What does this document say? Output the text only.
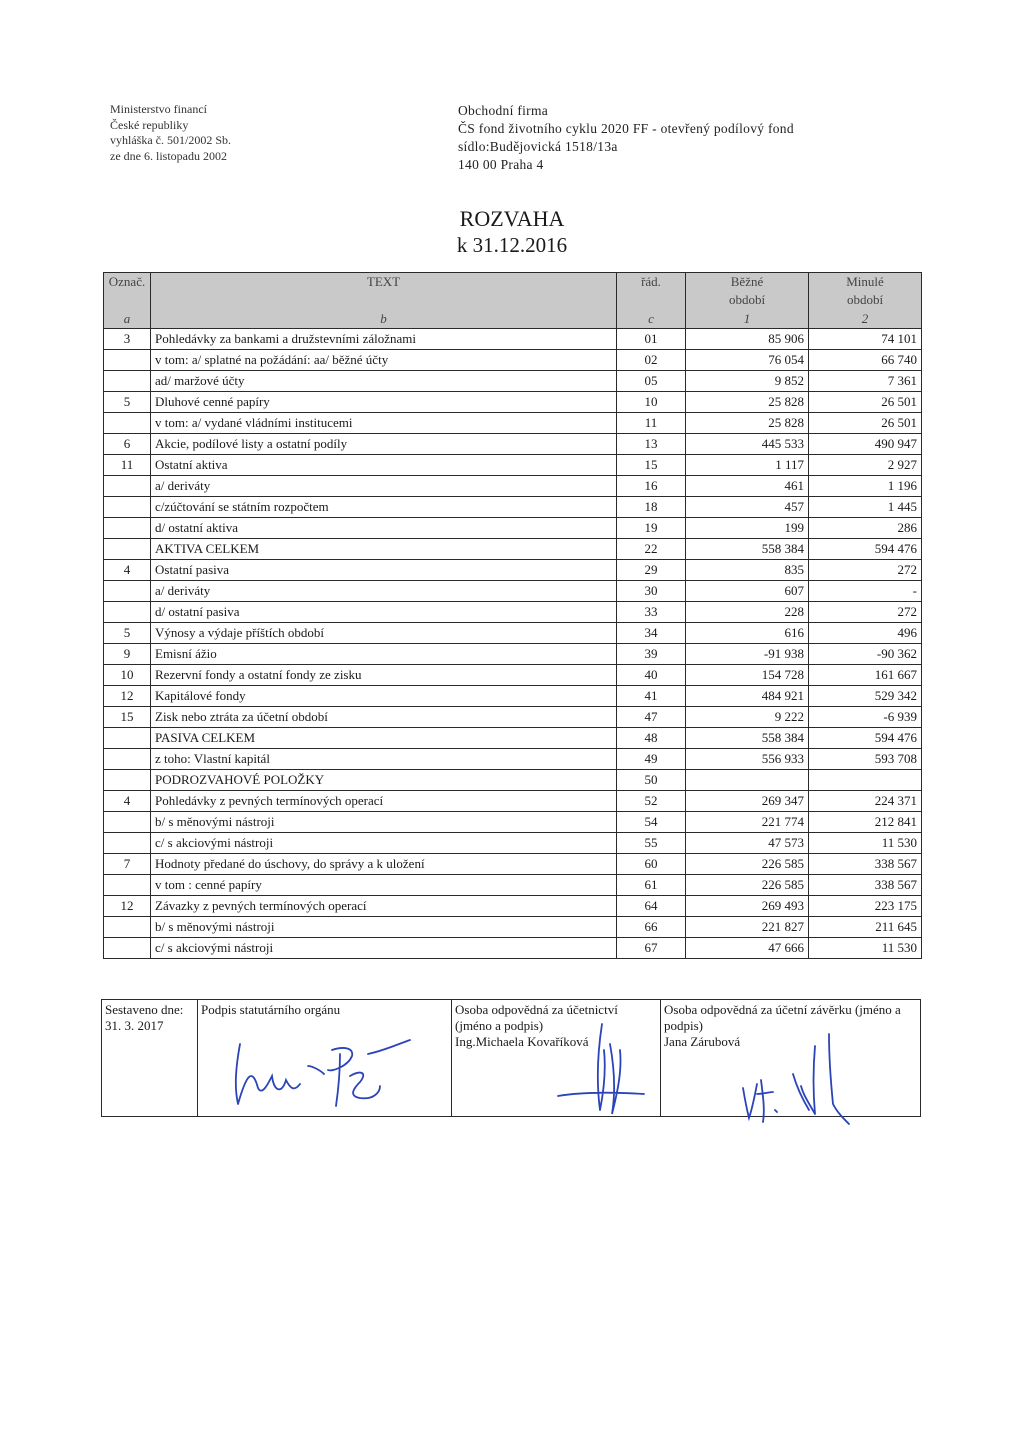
Ministerstvo financí
České republiky
vyhláška č. 501/2002 Sb.
ze dne 6. listopadu 2002
Obchodní firma
ČS fond životního cyklu 2020 FF - otevřený podílový fond
sídlo:Budějovická 1518/13a
140 00 Praha 4
ROZVAHA
k 31.12.2016
Označ.	TEXT	řád.	Běžné	Minulé
			období	období
a	b	c	1	2
3	Pohledávky za bankami a družstevními záložnami	01	85 906	74 101
	v tom: a/ splatné na požádání: aa/ běžné účty	02	76 054	66 740
	ad/ maržové účty	05	9 852	7 361
5	Dluhové cenné papíry	10	25 828	26 501
	v tom: a/ vydané vládními institucemi	11	25 828	26 501
6	Akcie, podílové listy a ostatní podíly	13	445 533	490 947
11	Ostatní aktiva	15	1 117	2 927
	a/ deriváty	16	461	1 196
	c/zúčtování se státním rozpočtem	18	457	1 445
	d/ ostatní aktiva	19	199	286
	AKTIVA CELKEM	22	558 384	594 476
4	Ostatní pasiva	29	835	272
	a/ deriváty	30	607	-
	d/ ostatní pasiva	33	228	272
5	Výnosy a výdaje příštích období	34	616	496
9	Emisní ážio	39	-91 938	-90 362
10	Rezervní fondy a ostatní fondy ze zisku	40	154 728	161 667
12	Kapitálové fondy	41	484 921	529 342
15	Zisk nebo ztráta za účetní období	47	9 222	-6 939
	PASIVA CELKEM	48	558 384	594 476
	z toho: Vlastní kapitál	49	556 933	593 708
	PODROZVAHOVÉ POLOŽKY	50		
4	Pohledávky z pevných termínových operací	52	269 347	224 371
	b/ s měnovými nástroji	54	221 774	212 841
	c/ s akciovými nástroji	55	47 573	11 530
7	Hodnoty předané do úschovy, do správy a k uložení	60	226 585	338 567
	v tom : cenné papíry	61	226 585	338 567
12	Závazky z pevných termínových operací	64	269 493	223 175
	b/ s měnovými nástroji	66	221 827	211 645
	c/ s akciovými nástroji	67	47 666	11 530
Sestaveno dne:
31. 3. 2017

Podpis statutárního orgánu	Osoba odpovědná za účetnictví (jméno a podpis)
Ing.Michaela Kovaříková

Osoba odpovědná za účetní závěrku (jméno a podpis)
Jana Zárubová
